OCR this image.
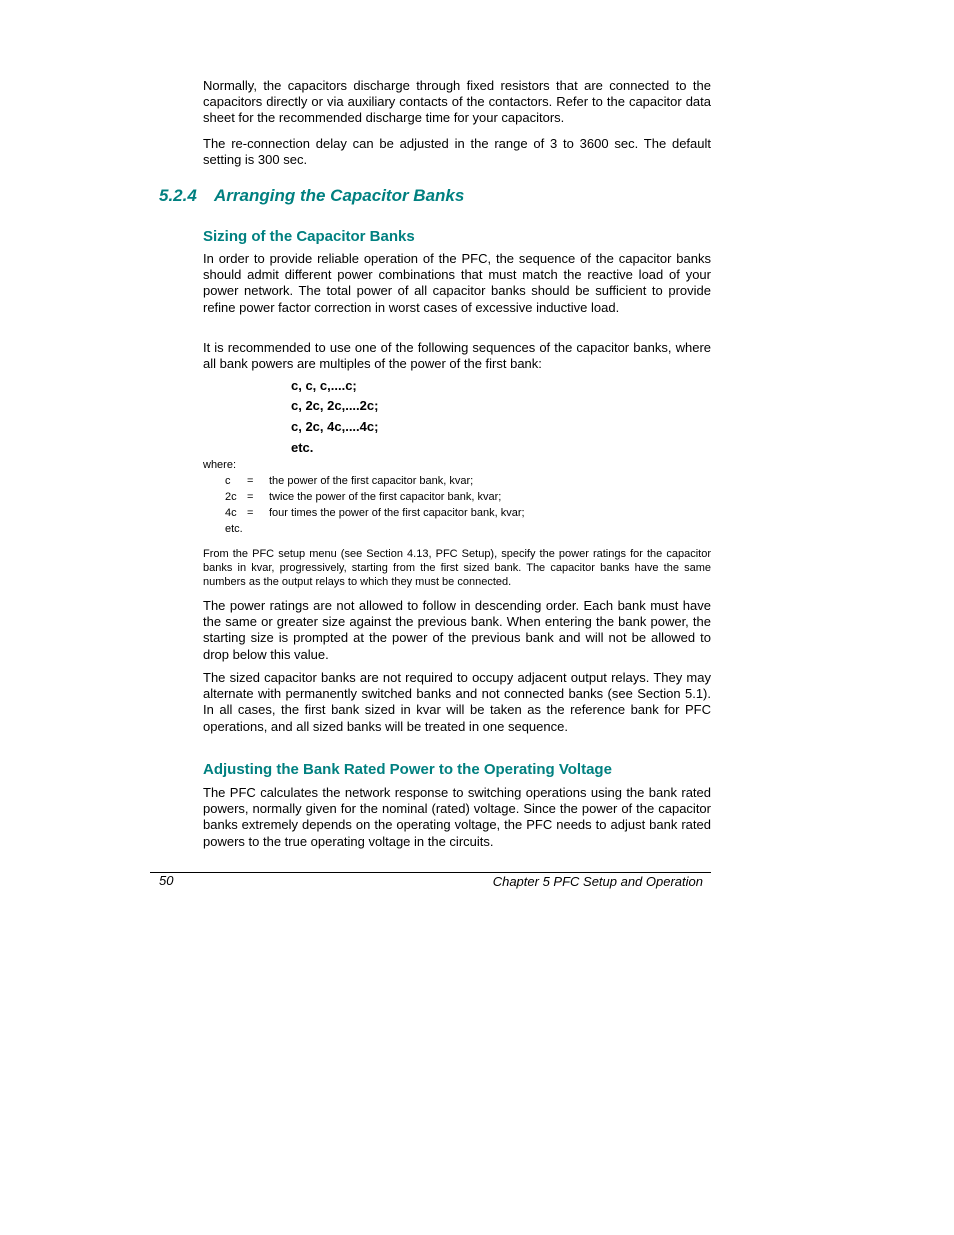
Normally, the capacitors discharge through fixed resistors that are connected to the capacitors directly or via auxiliary contacts of the contactors. Refer to the capacitor data sheet for the recommended discharge time for your capacitors.

The re-connection delay can be adjusted in the range of 3 to 3600 sec. The default setting is 300 sec.

5.2.4 Arranging the Capacitor Banks
Sizing of the Capacitor Banks

In order to provide reliable operation of the PFC, the sequence of the capacitor banks should admit different power combinations that must match the reactive load of your power network. The total power of all capacitor banks should be sufficient to provide refine power factor correction in worst cases of excessive inductive load.

It is recommended to use one of the following sequences of the capacitor banks, where all bank powers are multiples of the power of the first bank:

c, c, c,....c;

c, 2c, 2c,....2c;

c, 2c, 4c,....4c;

etc.

where:

c = the power of the first capacitor bank, kvar;
2c = twice the power of the first capacitor bank, kvar;
4c = four times the power of the first capacitor bank, kvar;
etc.

From the PFC setup menu (see Section 4.13, PFC Setup), specify the power ratings for the capacitor banks in kvar, progressively, starting from the first sized bank. The capacitor banks have the same numbers as the output relays to which they must be connected.

The power ratings are not allowed to follow in descending order. Each bank must have the same or greater size against the previous bank. When entering the bank power, the starting size is prompted at the power of the previous bank and will not be allowed to drop below this value.

The sized capacitor banks are not required to occupy adjacent output relays. They may alternate with permanently switched banks and not connected banks (see Section 5.1). In all cases, the first bank sized in kvar will be taken as the reference bank for PFC operations, and all sized banks will be treated in one sequence.

Adjusting the Bank Rated Power to the Operating Voltage

The PFC calculates the network response to switching operations using the bank rated powers, normally given for the nominal (rated) voltage. Since the power of the capacitor banks extremely depends on the operating voltage, the PFC needs to adjust bank rated powers to the true operating voltage in the circuits.

50	Chapter 5 PFC Setup and Operation
